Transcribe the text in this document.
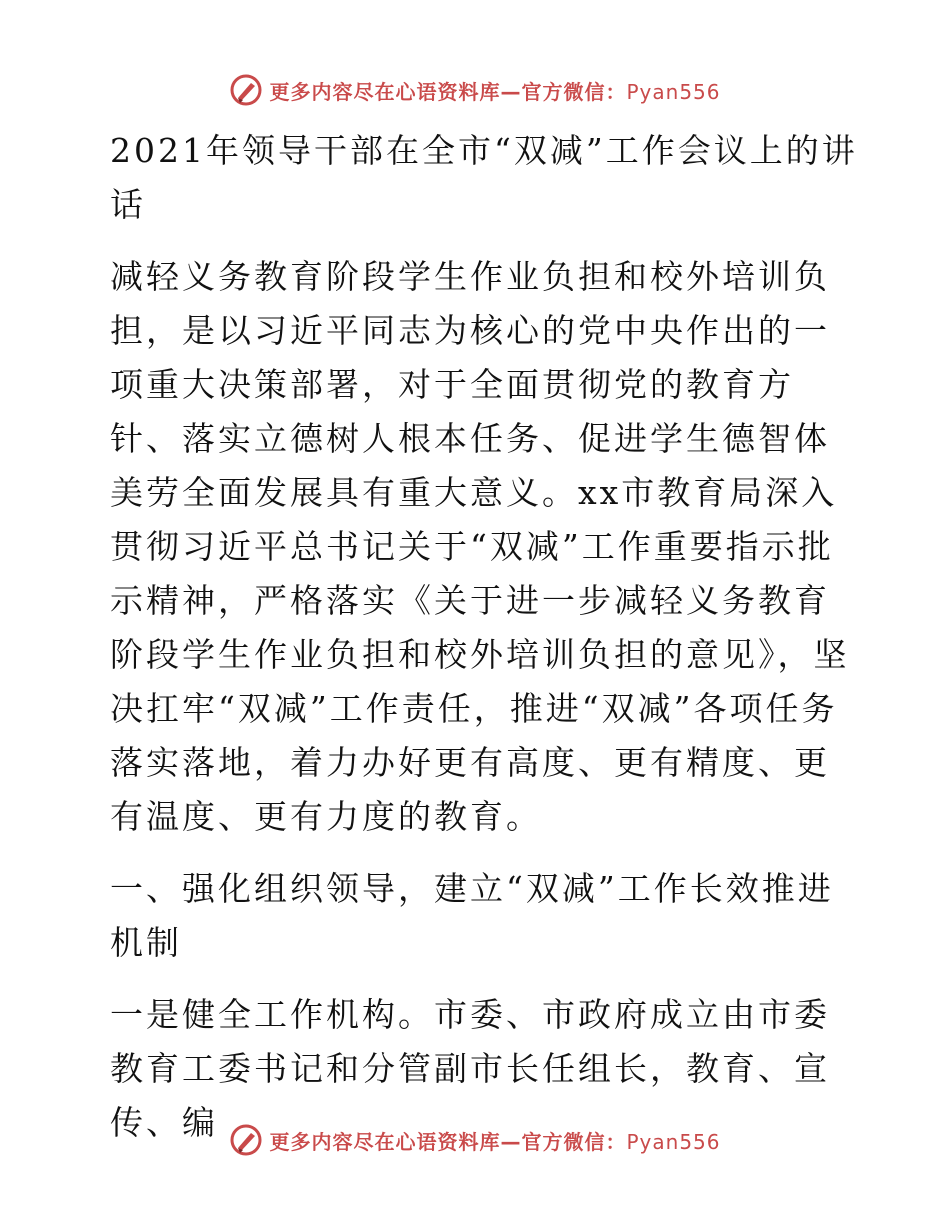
更多内容尽在心语资料库—官方微信：Pyan556

2021年领导干部在全市“双减”工作会议上的讲话

减轻义务教育阶段学生作业负担和校外培训负担，是以习近平同志为核心的党中央作出的一项重大决策部署，对于全面贯彻党的教育方针、落实立德树人根本任务、促进学生德智体美劳全面发展具有重大意义。xx市教育局深入贯彻习近平总书记关于“双减”工作重要指示批示精神，严格落实《关于进一步减轻义务教育阶段学生作业负担和校外培训负担的意见》，坚决扛牢“双减”工作责任，推进“双减”各项任务落实落地，着力办好更有高度、更有精度、更有温度、更有力度的教育。

一、强化组织领导，建立“双减”工作长效推进机制

一是健全工作机构。市委、市政府成立由市委教育工委书记和分管副市长任组长，教育、宣传、编	更多内容尽在心语资料库—官方微信：Pyan556
